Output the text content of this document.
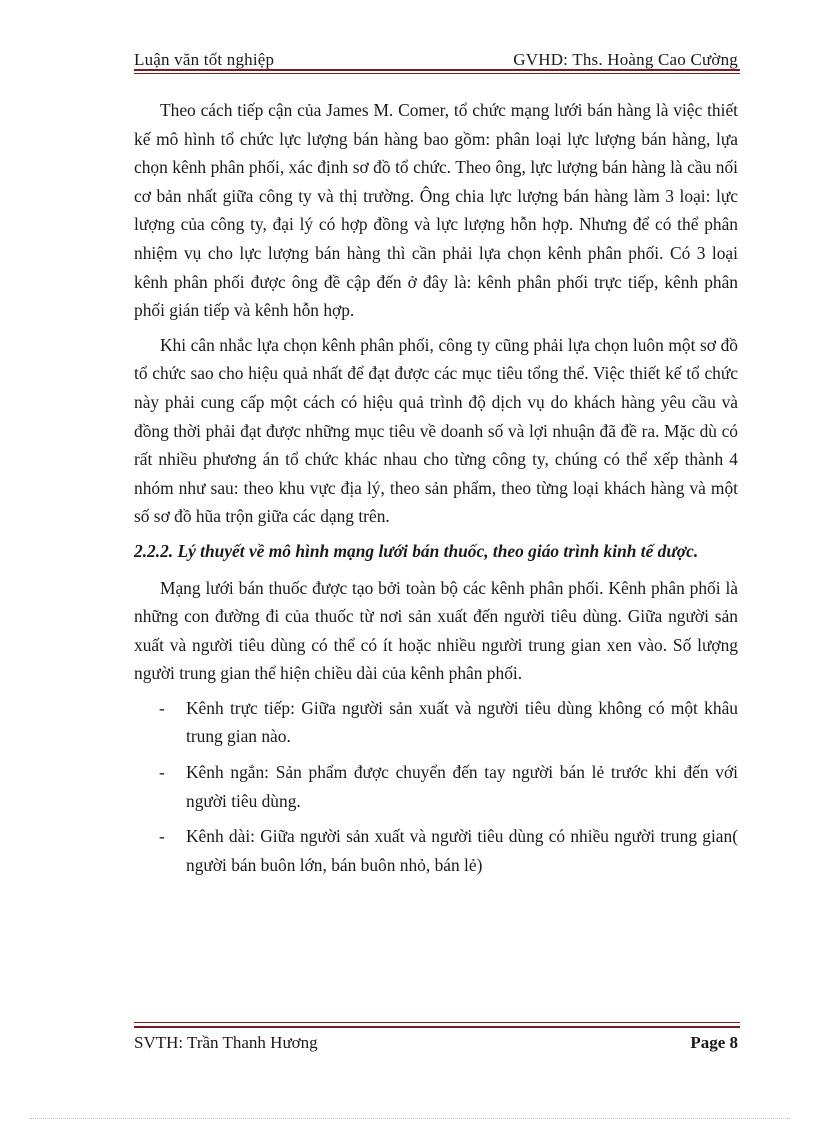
Luận văn tốt nghiệp	GVHD: Ths. Hoàng Cao Cường

Theo cách tiếp cận của James M. Comer, tổ chức mạng lưới bán hàng là việc thiết kế mô hình tổ chức lực lượng bán hàng bao gồm: phân loại lực lượng bán hàng, lựa chọn kênh phân phối, xác định sơ đồ tổ chức. Theo ông, lực lượng bán hàng là cầu nối cơ bản nhất giữa công ty và thị trường. Ông chia lực lượng bán hàng làm 3 loại: lực lượng của công ty, đại lý có hợp đồng và lực lượng hỗn hợp. Nhưng để có thể phân nhiệm vụ cho lực lượng bán hàng thì cần phải lựa chọn kênh phân phối. Có 3 loại kênh phân phối được ông đề cập đến ở đây là: kênh phân phối trực tiếp, kênh phân phối gián tiếp và kênh hỗn hợp.

Khi cân nhắc lựa chọn kênh phân phối, công ty cũng phải lựa chọn luôn một sơ đồ tổ chức sao cho hiệu quả nhất để đạt được các mục tiêu tổng thể. Việc thiết kế tổ chức này phải cung cấp một cách có hiệu quả trình độ dịch vụ do khách hàng yêu cầu và đồng thời phải đạt được những mục tiêu về doanh số và lợi nhuận đã đề ra. Mặc dù có rất nhiều phương án tổ chức khác nhau cho từng công ty, chúng có thể xếp thành 4 nhóm như sau: theo khu vực địa lý, theo sản phẩm, theo từng loại khách hàng và một số sơ đồ hũa trộn giữa các dạng trên.

2.2.2. Lý thuyết về mô hình mạng lưới bán thuốc, theo giáo trình kinh tế dược.

Mạng lưới bán thuốc được tạo bởi toàn bộ các kênh phân phối. Kênh phân phối là những con đường đi của thuốc từ nơi sản xuất đến người tiêu dùng. Giữa người sản xuất và người tiêu dùng có thể có ít hoặc nhiều người trung gian xen vào. Số lượng người trung gian thể hiện chiều dài của kênh phân phối.

- Kênh trực tiếp: Giữa người sản xuất và người tiêu dùng không có một khâu trung gian nào.
- Kênh ngắn: Sản phẩm được chuyển đến tay người bán lẻ trước khi đến với người tiêu dùng.
- Kênh dài: Giữa người sản xuất và người tiêu dùng có nhiều người trung gian( người bán buôn lớn, bán buôn nhỏ, bán lẻ)
SVTH: Trần Thanh Hương	Page 8
